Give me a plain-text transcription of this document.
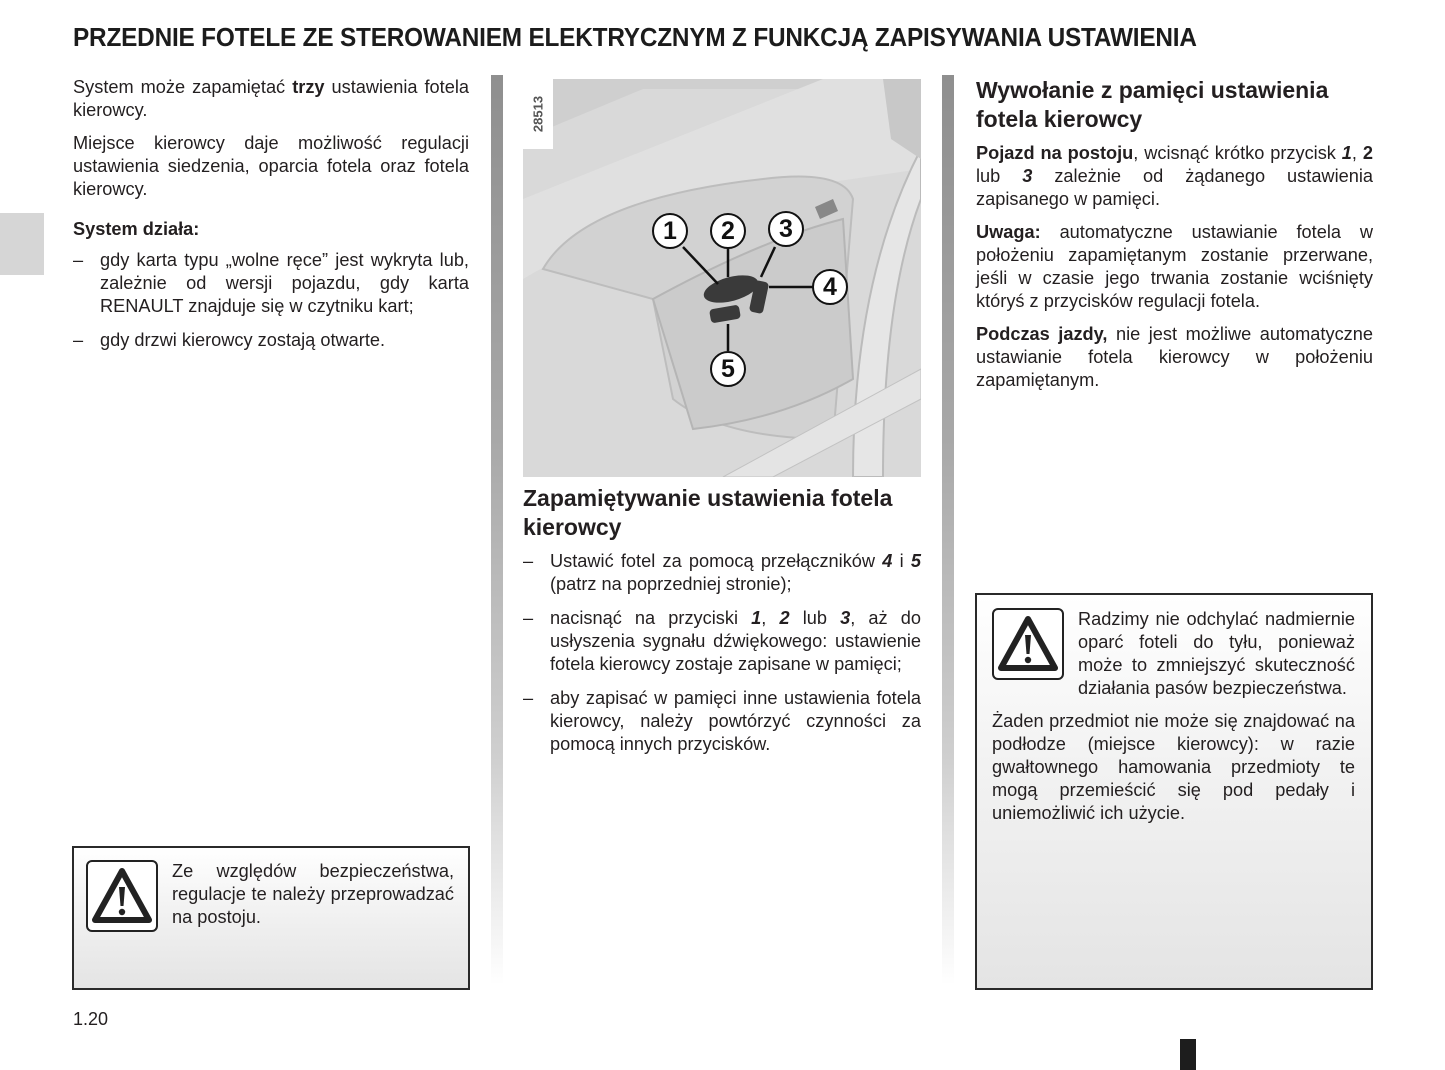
PRZEDNIE FOTELE ZE STEROWANIEM ELEKTRYCZNYM Z FUNKCJĄ ZAPISYWANIA USTAWIENIA

System może zapamiętać trzy ustawienia fotela kierowcy.

Miejsce kierowcy daje możliwość regulacji ustawienia siedzenia, oparcia fotela oraz fotela kierowcy.

System działa:
– gdy karta typu „wolne ręce” jest wykryta lub, zależnie od wersji pojazdu, gdy karta RENAULT znajduje się w czytniku kart;
– gdy drzwi kierowcy zostają otwarte.
Ze względów bezpieczeństwa, regulacje te należy przeprowadzać na postoju.
28513
1	2	3
4
5
Zapamiętywanie ustawienia fotela kierowcy
– Ustawić fotel za pomocą przełączników 4 i 5 (patrz na poprzedniej stronie);
– nacisnąć na przyciski 1, 2 lub 3, aż do usłyszenia sygnału dźwiękowego: ustawienie fotela kierowcy zostaje zapisane w pamięci;
– aby zapisać w pamięci inne ustawienia fotela kierowcy, należy powtórzyć czynności za pomocą innych przycisków.
Wywołanie z pamięci ustawienia fotela kierowcy

Pojazd na postoju, wcisnąć krótko przycisk 1, 2 lub 3 zależnie od żądanego ustawienia zapisanego w pamięci.

Uwaga: automatyczne ustawianie fotela w położeniu zapamiętanym zostanie przerwane, jeśli w czasie jego trwania zostanie wciśnięty któryś z przycisków regulacji fotela.

Podczas jazdy, nie jest możliwe automatyczne ustawianie fotela kierowcy w położeniu zapamiętanym.

Radzimy nie odchylać nadmiernie oparć foteli do tyłu, ponieważ może to zmniejszyć skuteczność działania pasów bezpieczeństwa.

Żaden przedmiot nie może się znajdować na podłodze (miejsce kierowcy): w razie gwałtownego hamowania przedmioty te mogą przemieścić się pod pedały i uniemożliwić ich użycie.

1.20
